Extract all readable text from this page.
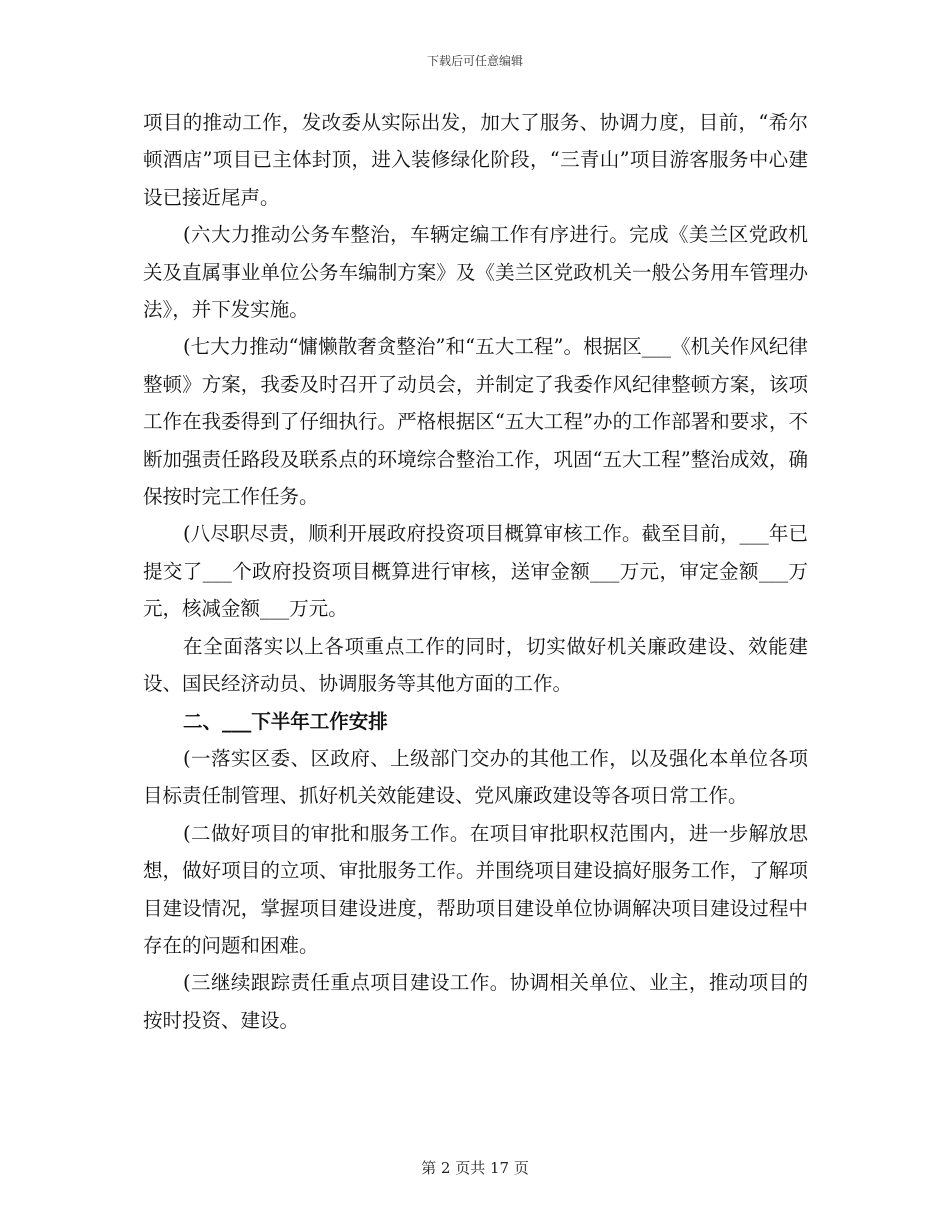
下载后可任意编辑

项目的推动工作，发改委从实际出发，加大了服务、协调力度，目前，“希尔顿酒店”项目已主体封顶，进入装修绿化阶段，“三青山”项目游客服务中心建设已接近尾声。

(六大力推动公务车整治，车辆定编工作有序进行。完成《美兰区党政机关及直属事业单位公务车编制方案》及《美兰区党政机关一般公务用车管理办法》，并下发实施。

(七大力推动“慵懒散奢贪整治”和“五大工程”。根据区___《机关作风纪律整顿》方案，我委及时召开了动员会，并制定了我委作风纪律整顿方案，该项工作在我委得到了仔细执行。严格根据区“五大工程”办的工作部署和要求，不断加强责任路段及联系点的环境综合整治工作，巩固“五大工程”整治成效，确保按时完工作任务。

(八尽职尽责，顺利开展政府投资项目概算审核工作。截至目前，___年已提交了___个政府投资项目概算进行审核，送审金额___万元，审定金额___万元，核减金额___万元。

在全面落实以上各项重点工作的同时，切实做好机关廉政建设、效能建设、国民经济动员、协调服务等其他方面的工作。

二、___下半年工作安排

(一落实区委、区政府、上级部门交办的其他工作，以及强化本单位各项目标责任制管理、抓好机关效能建设、党风廉政建设等各项日常工作。

(二做好项目的审批和服务工作。在项目审批职权范围内，进一步解放思想，做好项目的立项、审批服务工作。并围绕项目建设搞好服务工作，了解项目建设情况，掌握项目建设进度，帮助项目建设单位协调解决项目建设过程中存在的问题和困难。

(三继续跟踪责任重点项目建设工作。协调相关单位、业主，推动项目的按时投资、建设。

第 2 页共 17 页
